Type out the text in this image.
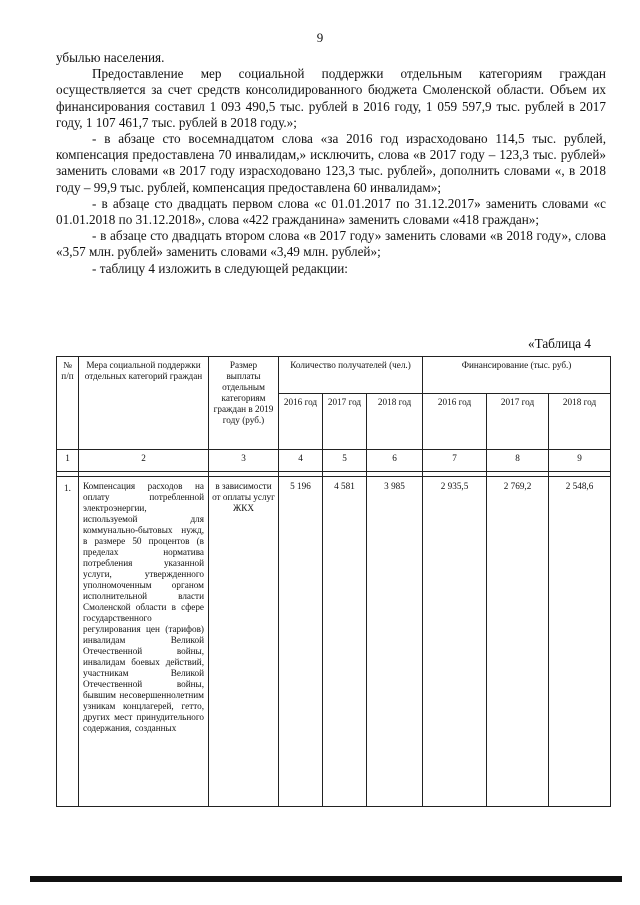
9

убылью населения.

Предоставление мер социальной поддержки отдельным категориям граждан осуществляется за счет средств консолидированного бюджета Смоленской области. Объем их финансирования составил 1 093 490,5 тыс. рублей в 2016 году, 1 059 597,9 тыс. рублей в 2017 году, 1 107 461,7 тыс. рублей в 2018 году.»;

- в абзаце сто восемнадцатом слова «за 2016 год израсходовано 114,5 тыс. рублей, компенсация предоставлена 70 инвалидам,» исключить, слова «в 2017 году – 123,3 тыс. рублей» заменить словами «в 2017 году израсходовано 123,3 тыс. рублей», дополнить словами «, в 2018 году – 99,9 тыс. рублей, компенсация предоставлена 60 инвалидам»;

- в абзаце сто двадцать первом слова «с 01.01.2017 по 31.12.2017» заменить словами «с 01.01.2018 по 31.12.2018», слова «422 гражданина» заменить словами «418 граждан»;

- в абзаце сто двадцать втором слова «в 2017 году» заменить словами «в 2018 году», слова «3,57 млн. рублей» заменить словами «3,49 млн. рублей»;

- таблицу 4 изложить в следующей редакции:

«Таблица 4
№ п/п	Мера социальной поддержки отдельных категорий граждан	Размер выплаты отдельным категориям граждан в 2019 году (руб.)	Количество получателей (чел.)			Финансирование (тыс. руб.)		
			2016 год	2017 год	2018 год	2016 год	2017 год	2018 год
1	2	3	4	5	6	7	8	9

1.	Компенсация расходов на оплату потребленной электроэнергии, используемой для коммунально-бытовых нужд, в размере 50 процентов (в пределах норматива потребления указанной услуги, утвержденного уполномоченным органом исполнительной власти Смоленской области в сфере государственного регулирования цен (тарифов) инвалидам Великой Отечественной войны, инвалидам боевых действий, участникам Великой Отечественной войны, бывшим несовершеннолетним узникам концлагерей, гетто, других мест принудительного содержания, созданных	в зависимости от оплаты услуг ЖКХ	5 196	4 581	3 985	2 935,5	2 769,2	2 548,6
